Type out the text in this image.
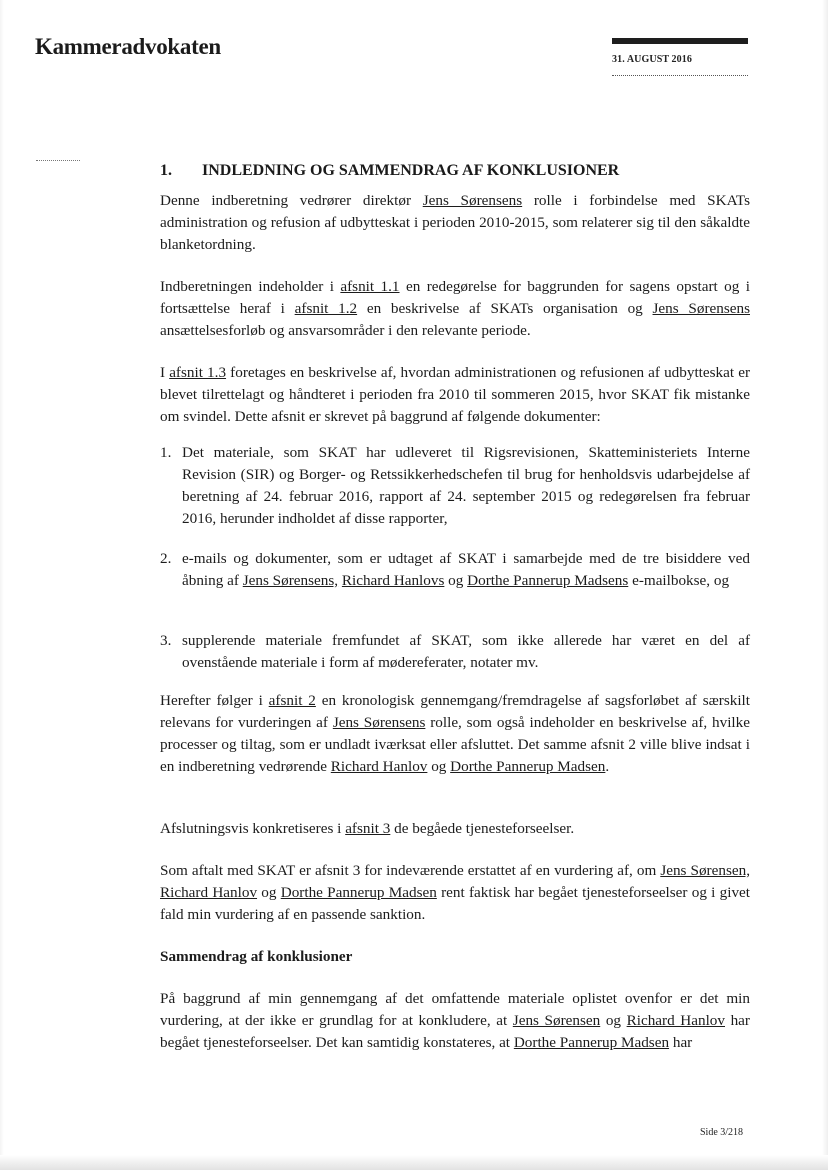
Kammeradvokaten
31. AUGUST 2016
1. INDLEDNING OG SAMMENDRAG AF KONKLUSIONER

Denne indberetning vedrører direktør Jens Sørensens rolle i forbindelse med SKATs administration og refusion af udbytteskat i perioden 2010-2015, som relaterer sig til den såkaldte blanketordning.

Indberetningen indeholder i afsnit 1.1 en redegørelse for baggrunden for sagens opstart og i fortsættelse heraf i afsnit 1.2 en beskrivelse af SKATs organisation og Jens Sørensens ansættelsesforløb og ansvarsområder i den relevante periode.

I afsnit 1.3 foretages en beskrivelse af, hvordan administrationen og refusionen af udbytteskat er blevet tilrettelagt og håndteret i perioden fra 2010 til sommeren 2015, hvor SKAT fik mistanke om svindel. Dette afsnit er skrevet på baggrund af følgende dokumenter:

1. Det materiale, som SKAT har udleveret til Rigsrevisionen, Skatteministeriets Interne Revision (SIR) og Borger- og Retssikkerhedschefen til brug for henholdsvis udarbejdelse af beretning af 24. februar 2016, rapport af 24. september 2015 og redegørelsen fra februar 2016, herunder indholdet af disse rapporter,
2. e-mails og dokumenter, som er udtaget af SKAT i samarbejde med de tre bisiddere ved åbning af Jens Sørensens, Richard Hanlovs og Dorthe Pannerup Madsens e-mailbokse, og
3. supplerende materiale fremfundet af SKAT, som ikke allerede har været en del af ovenstående materiale i form af mødereferater, notater mv.

Herefter følger i afsnit 2 en kronologisk gennemgang/fremdragelse af sagsforløbet af særskilt relevans for vurderingen af Jens Sørensens rolle, som også indeholder en beskrivelse af, hvilke processer og tiltag, som er undladt iværksat eller afsluttet. Det samme afsnit 2 ville blive indsat i en indberetning vedrørende Richard Hanlov og Dorthe Pannerup Madsen.

Afslutningsvis konkretiseres i afsnit 3 de begåede tjenesteforseelser.

Som aftalt med SKAT er afsnit 3 for indeværende erstattet af en vurdering af, om Jens Sørensen, Richard Hanlov og Dorthe Pannerup Madsen rent faktisk har begået tjenesteforseelser og i givet fald min vurdering af en passende sanktion.

Sammendrag af konklusioner

På baggrund af min gennemgang af det omfattende materiale oplistet ovenfor er det min vurdering, at der ikke er grundlag for at konkludere, at Jens Sørensen og Richard Hanlov har begået tjenesteforseelser. Det kan samtidig konstateres, at Dorthe Pannerup Madsen har

Side 3/218
